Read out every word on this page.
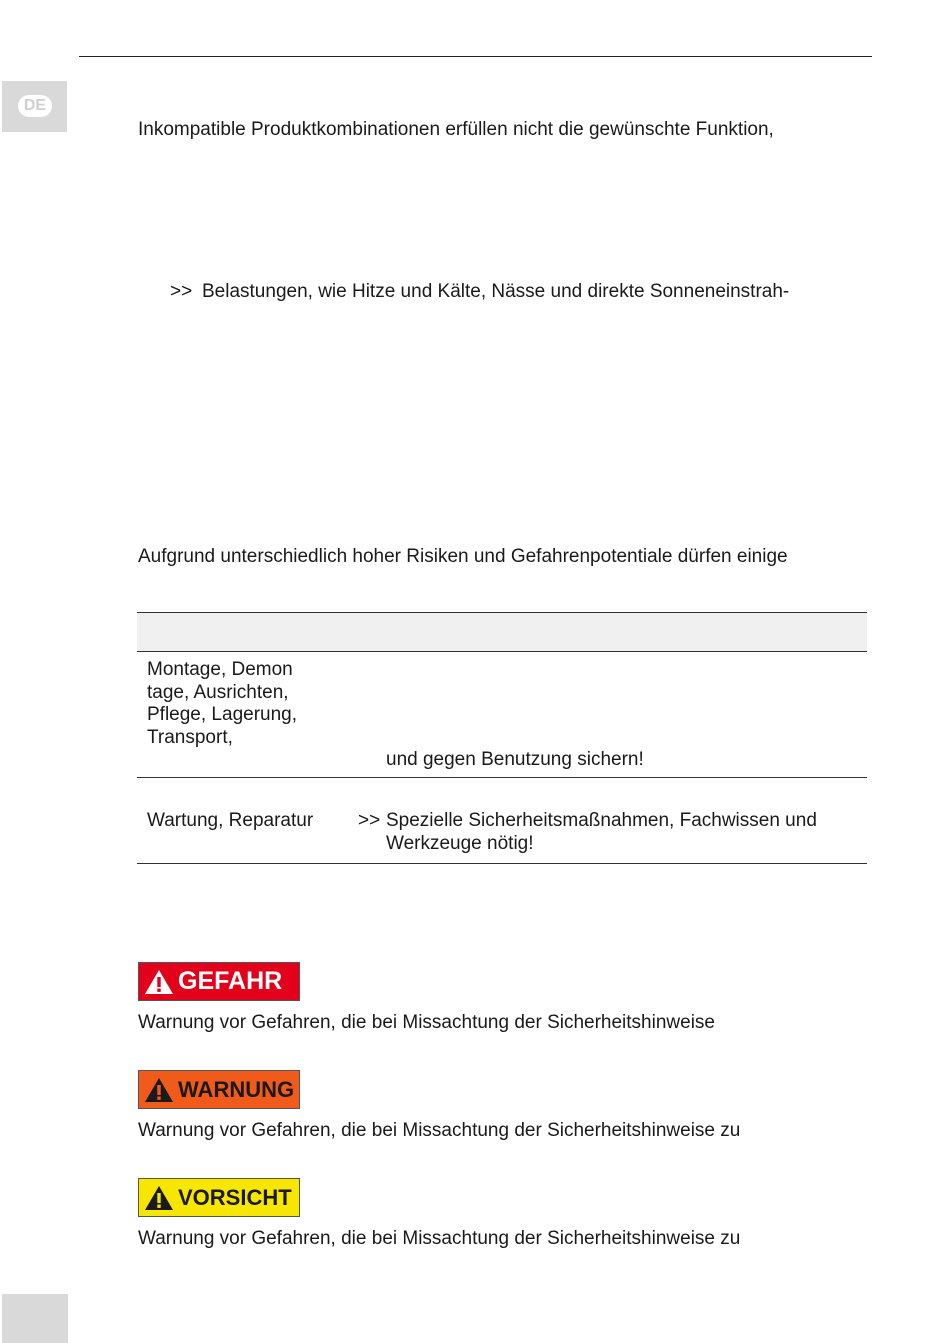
DE
Inkompatible Produktkombinationen erfüllen nicht die gewünschte Funktion,
>> Belastungen, wie Hitze und Kälte, Nässe und direkte Sonneneinstrah-
Aufgrund unterschiedlich hoher Risiken und Gefahrenpotentiale dürfen einige
Montage, Demon
tage, Ausrichten,
Pflege, Lagerung,
Transport,
und gegen Benutzung sichern!
Wartung, Reparatur >> Spezielle Sicherheitsmaßnahmen, Fachwissen und
Werkzeuge nötig!
GEFAHR
Warnung vor Gefahren, die bei Missachtung der Sicherheitshinweise
WARNUNG
Warnung vor Gefahren, die bei Missachtung der Sicherheitshinweise zu
VORSICHT
Warnung vor Gefahren, die bei Missachtung der Sicherheitshinweise zu
